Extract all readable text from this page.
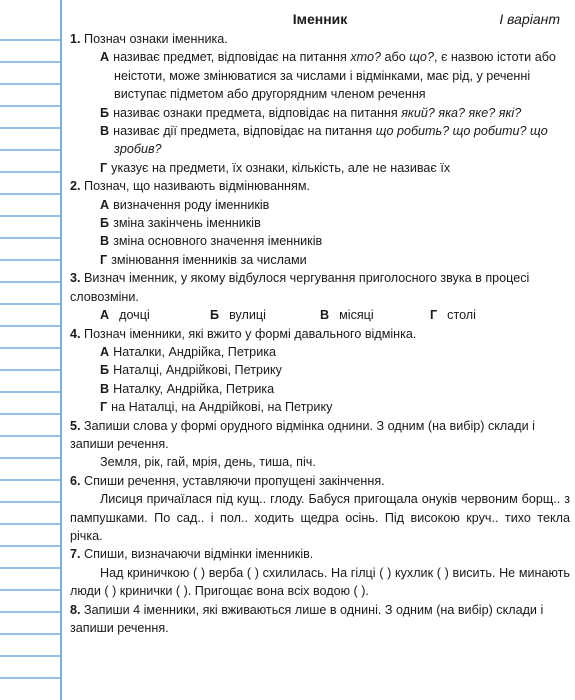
Іменник	І варіант
1. Познач ознаки іменника.
А називає предмет, відповідає на питання хто? або що?, є назвою істоти або неістоти, може змінюватися за числами і відмінками, має рід, у реченні виступає підметом або другорядним членом речення
Б називає ознаки предмета, відповідає на питання який? яка? яке? які?
В називає дії предмета, відповідає на питання що робить? що робити? що зробив?
Г указує на предмети, їх ознаки, кількість, але не називає їх
2. Познач, що називають відмінюванням.
А визначення роду іменників
Б зміна закінчень іменників
В зміна основного значення іменників
Г змінювання іменників за числами
3. Визнач іменник, у якому відбулося чергування приголосного звука в процесі словозміни.
А дочці	Б вулиці	В місяці	Г столі
4. Познач іменники, які вжито у формі давального відмінка.
А Наталки, Андрійка, Петрика
Б Наталці, Андрійкові, Петрику
В Наталку, Андрійка, Петрика
Г на Наталці, на Андрійкові, на Петрику
5. Запиши слова у формі орудного відмінка однини. З одним (на вибір) склади і запиши речення.
Земля, рік, гай, мрія, день, тиша, піч.
6. Спиши речення, уставляючи пропущені закінчення.
Лисиця причаїлася під кущ.. глоду. Бабуся пригощала онуків червоним борщ.. з пампушками. По сад.. і пол.. ходить щедра осінь. Під високою круч.. тихо текла річка.
7. Спиши, визначаючи відмінки іменників.
Над криничкою ( ) верба ( ) схилилась. На гілці ( ) кухлик ( ) висить. Не минають люди ( ) кринички ( ). Пригощає вона всіх водою ( ).
8. Запиши 4 іменники, які вживаються лише в однині. З одним (на вибір) склади і запиши речення.
